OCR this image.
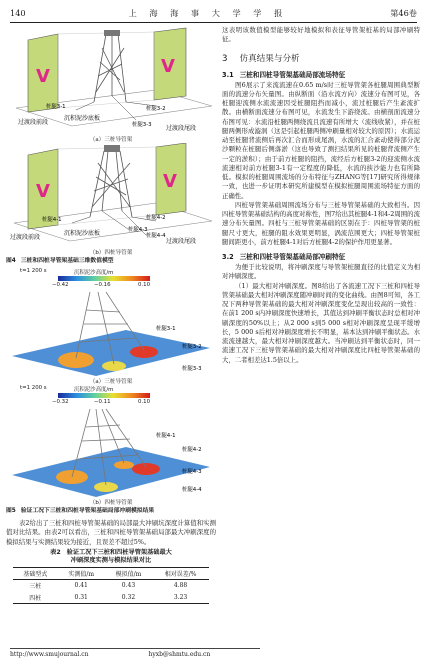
140	上 海 海 事 大 学 学 报	第46卷
V	V
桩腿3-1	桩腿3-2
桩腿3-3
过渡段前段
沉积泥沙底板
过渡段尾段
（a）三桩导管架
V	V
桩腿4-1	桩腿4-2
桩腿4-3
桩腿4-4
过渡段前段
沉积泥沙底板
过渡段尾段
（b）四桩导管架
图4 三桩和四桩导管架基础三维数值模型
t=1 200 s	沉积泥沙高度/m
−0.42	−0.16	0.10
桩腿3-1
桩腿3-2
桩腿3-3
（a）三桩导管架
t=1 200 s	沉积泥沙高度/m
−0.32	−0.11	0.10
桩腿4-1
桩腿4-2
桩腿4-3
桩腿4-4
（b）四桩导管架
图5 验证工况下三桩和四桩导管架基础局部冲刷模拟结果

表2给出了三桩和四桩导管架基础的局部最大冲刷坑深度计算值和实测值对比结果。由表2可以看出，三桩和四桩导管架基础局部最大冲刷深度的模拟结果与实测结果较为接近，且误差不超过5%。

表2 验证工况下三桩和四桩导管架基础最大
冲刷深度实测与模拟结果对比
基础型式	实测值/m	模拟值/m	相对误差/%
三桩	0.41	0.43	4.88
四桩	0.31	0.32	3.23

这表明该数值模型能够较好地模拟和表征导管架桩基的局部冲刷特征。

3 仿真结果与分析
3.1 三桩和四桩导管架基础局部流场特征

图6展示了来流流速在0.65 m/s时三桩导管架各桩腿周围典型断面的流速分布矢量图。由纵断面（沿水流方向）流速分布图可见，各桩腿迎流侧水流流速因受桩腿阻挡而减小，流过桩腿后产生紊流扩散。由横断面流速分布图可见，水流发生下游绕流。由横剖面流速分布图可见：水流沿桩腿两侧绕流且流速有所增大（流线收紧），并在桩腿两侧形成漩涡（这是引起桩腿两侧冲刷量相对较大的原因）；水流运动至桩腿背流侧后再次汇合而形成尾涡，水流的汇合紊动使得部分泥沙颗粒在桩腿后侧落淤（这也导致了测扫结果所见的桩腿背流侧产生一定的淤积）；由于前方桩腿的阻挡，流经后方桩腿3-2的迎流侧水流流速相对前方桩腿3-1有一定程度的降低，水流的挟沙能力也有所降低。模拟的桩腿周围流场的分布特征与ZHANG等[17]研究所得规律一致，也进一步证明本研究所建模型在模拟桩腿周围流场特征方面的正确性。

四桩导管架基础周围流场分布与三桩导管架基础的大致相当。因四桩导管架基础结构的高度对称性，图7给出其桩腿4-1和4-2周围的流速分布矢量图。四桩与三桩导管架基础的区别在于：四桩导管架的桩腿尺寸更大，桩腿的阻水效果更明显，涡流范围更大；四桩导管架桩腿间距更小，前方桩腿4-1对后方桩腿4-2的保护作用更显著。

3.2 三桩和四桩导管架基础局部冲刷特征

为便于比较说明，将冲刷深度与导管架桩腿直径的比值定义为相对冲刷深度。

（1）最大相对冲刷深度。图8给出了各流速工况下三桩和四桩导管架基础最大相对冲刷深度随冲刷时间的变化曲线。由图8可知，各工况下两种导管架基础的最大相对冲刷深度变化呈现出较高的一致性：在前1 200 s内冲刷深度快速增长，其值达到冲刷平衡状态时总相对冲刷深度的50%以上；从2 000 s到5 000 s相对冲刷深度呈现平缓增长，5 000 s后相对冲刷深度增长不明显，基本达到冲刷平衡状态。水流流速越大，最大相对冲刷深度越大。当冲刷达到平衡状态时，同一流速工况下三桩导管架基础的最大相对冲刷深度比四桩导管架基础的大，二者相差达1.5倍以上。

http://www.smujournal.cn	hyxb@shmtu.edu.cn
